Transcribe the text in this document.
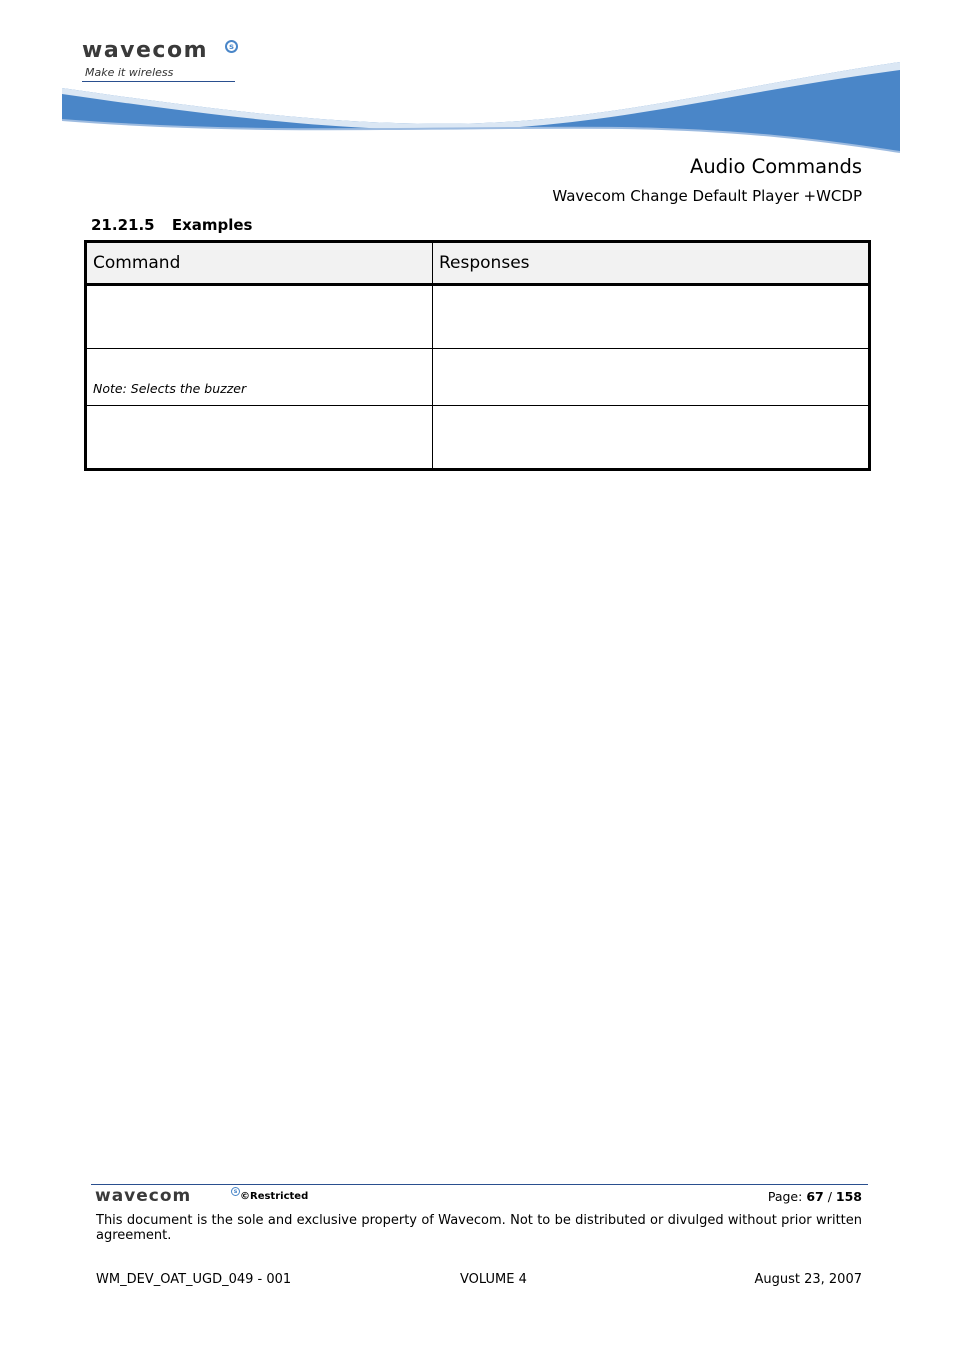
wavecom	s
Make it wireless
Audio Commands
Wavecom Change Default Player +WCDP
21.21.5 Examples
Command	Responses

Note: Selects the buzzer	

wavecom	s ©Restricted	Page: 67 / 158
This document is the sole and exclusive property of Wavecom. Not to be distributed or divulged without prior written agreement.
WM_DEV_OAT_UGD_049 - 001	VOLUME 4	August 23, 2007
